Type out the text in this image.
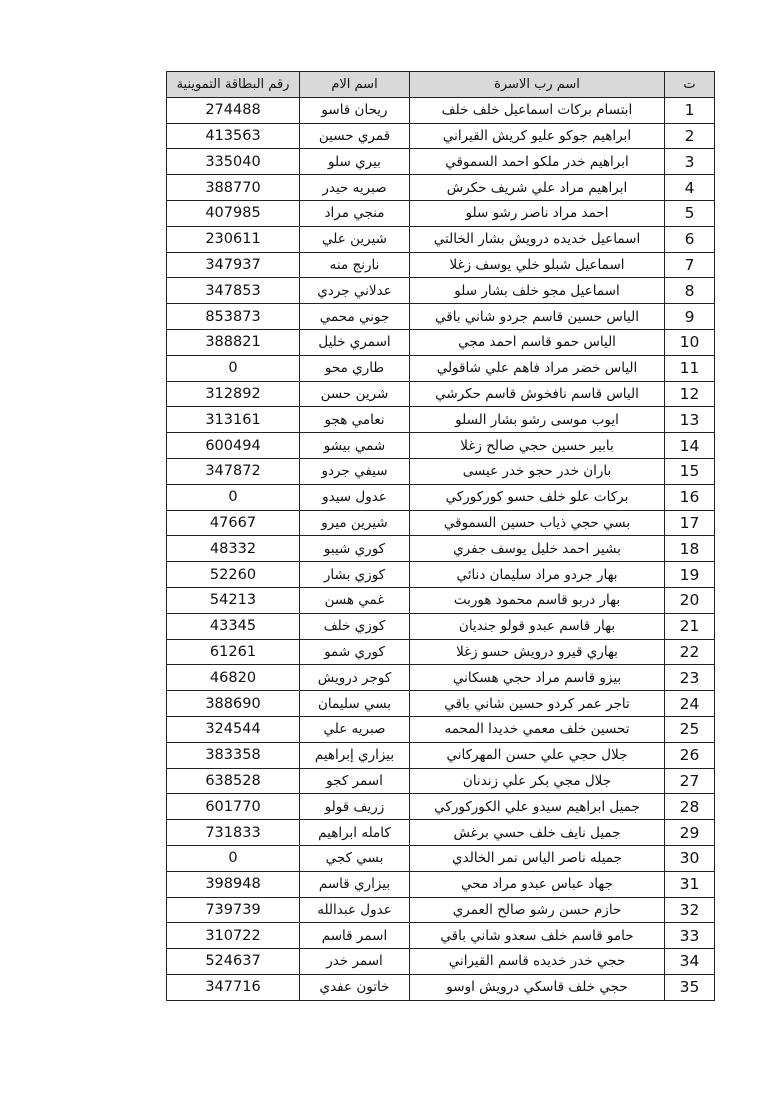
رقم البطاقة التموينية	اسم الام	اسم رب الاسرة	ت
274488	ريحان قاسو	ابتسام بركات اسماعيل خلف خلف	1
413563	قمري حسين	ابراهيم جوكو عليو كريش القيراني	2
335040	بيري سلو	ابراهيم خدر ملكو احمد السموقي	3
388770	صبريه حيدر	ابراهيم مراد علي شريف حكرش	4
407985	منجي مراد	احمد مراد ناصر رشو سلو	5
230611	شيرين علي	اسماعيل خديده درويش بشار الخالتي	6
347937	نارنج منه	اسماعيل شبلو خلي يوسف زغلا	7
347853	عدلاني جردي	اسماعيل مجو خلف بشار سلو	8
853873	جوني محمي	الياس حسين قاسم جردو شاني باقي	9
388821	اسمري خليل	الياس حمو قاسم احمد مجي	10
0	طاري محو	الياس خضر مراد فاهم علي شاقولي	11
312892	شرين حسن	الياس قاسم نافخوش قاسم حكرشي	12
313161	نعامي هجو	ايوب موسى رشو بشار السلو	13
600494	شمي بيشو	بابير حسين حجي صالح زغلا	14
347872	سيفي جردو	باران خدر حجو خدر عيسى	15
0	عدول سيدو	بركات علو خلف حسو كوركوركي	16
47667	شيرين ميرو	بسي حجي ذياب حسين السموقي	17
48332	كوري شيبو	بشير احمد خليل يوسف جفري	18
52260	كوزي بشار	بهار جردو مراد سليمان دنائي	19
54213	غمي هسن	بهار دربو قاسم محمود هوربت	20
43345	كوزي خلف	بهار قاسم عبدو قولو جنديان	21
61261	كوري شمو	بهاري قيرو درويش حسو زغلا	22
46820	كوجر درويش	بيزو قاسم مراد حجي هسكاني	23
388690	بسي سليمان	تاجر عمر كردو حسين شاني باقي	24
324544	صبريه علي	تحسين خلف معمي خديدا المحمه	25
383358	بيزاري إبراهيم	جلال حجي علي حسن المهركاني	26
638528	اسمر كجو	جلال مجي بكر علي زندنان	27
601770	زريف قولو	جميل ابراهيم سيدو علي الكوركوركي	28
731833	كامله ابراهيم	جميل نايف خلف حسي برغش	29
0	بسي كجي	جميله ناصر الياس نمر الخالدي	30
398948	بيزاري قاسم	جهاد عباس عبدو مراد محي	31
739739	عدول عبدالله	حازم حسن رشو صالح العمري	32
310722	اسمر قاسم	حامو قاسم خلف سعدو شاني باقي	33
524637	اسمر خدر	حجي خدر خديده قاسم القيراني	34
347716	خاتون عفدي	حجي خلف قاسكي درويش اوسو	35
